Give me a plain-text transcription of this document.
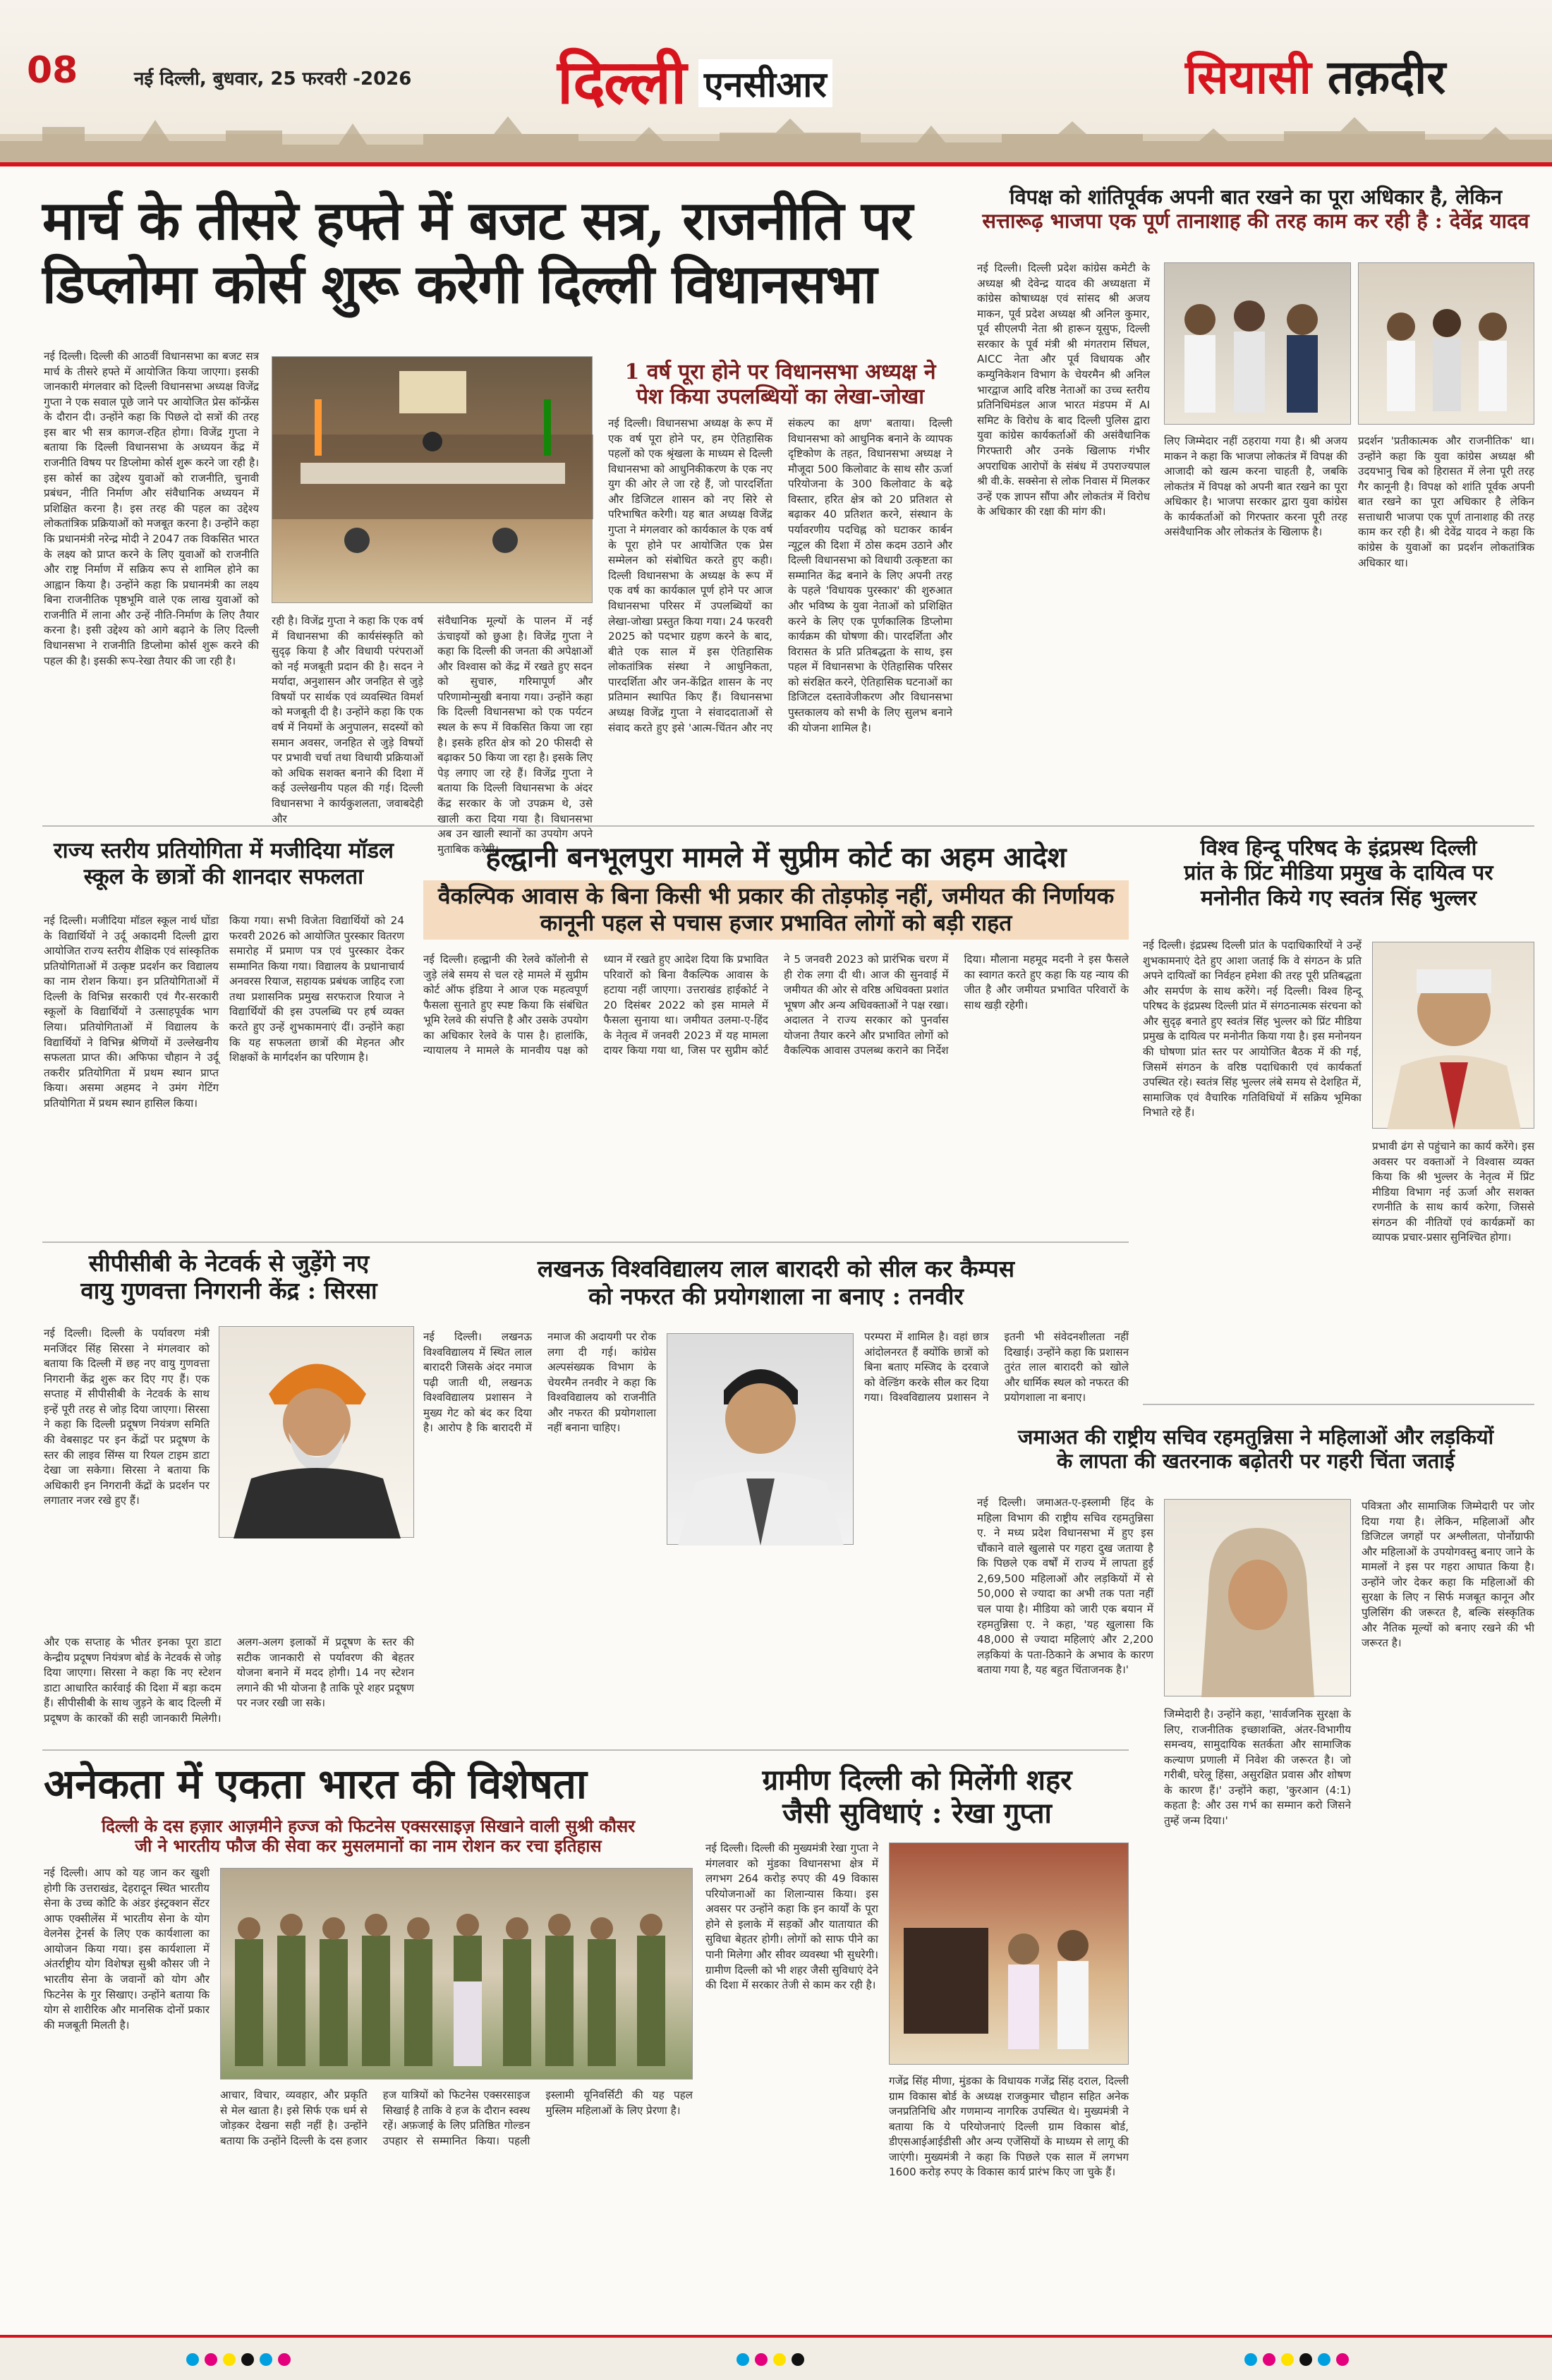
08	नई दिल्ली, बुधवार, 25 फरवरी -2026 दिल्ली एनसीआर	सियासी तक़दीर
मार्च के तीसरे हफ्ते में बजट सत्र, राजनीति पर
डिप्लोमा कोर्स शुरू करेगी दिल्ली विधानसभा
नई दिल्ली। दिल्ली की आठवीं विधानसभा का बजट सत्र मार्च के तीसरे हफ्ते में आयोजित किया जाएगा। इसकी जानकारी मंगलवार को दिल्ली विधानसभा अध्यक्ष विजेंद्र गुप्ता ने एक सवाल पूछे जाने पर आयोजित प्रेस कॉन्फ्रेंस के दौरान दी। उन्होंने कहा कि पिछले दो सत्रों की तरह इस बार भी सत्र कागज-रहित होगा। विजेंद्र गुप्ता ने बताया कि दिल्ली विधानसभा के अध्ययन केंद्र में राजनीति विषय पर डिप्लोमा कोर्स शुरू करने जा रही है। इस कोर्स का उद्देश्य युवाओं को राजनीति, चुनावी प्रबंधन, नीति निर्माण और संवैधानिक अध्ययन में प्रशिक्षित करना है। इस तरह की पहल का उद्देश्य लोकतांत्रिक प्रक्रियाओं को मजबूत करना है। उन्होंने कहा कि प्रधानमंत्री नरेन्द्र मोदी ने 2047 तक विकसित भारत के लक्ष्य को प्राप्त करने के लिए युवाओं को राजनीति और राष्ट्र निर्माण में सक्रिय रूप से शामिल होने का आह्वान किया है। उन्होंने कहा कि प्रधानमंत्री का लक्ष्य बिना राजनीतिक पृष्ठभूमि वाले एक लाख युवाओं को राजनीति में लाना और उन्हें नीति-निर्माण के लिए तैयार करना है। इसी उद्देश्य को आगे बढ़ाने के लिए दिल्ली विधानसभा ने राजनीति डिप्लोमा कोर्स शुरू करने की पहल की है। इसकी रूप-रेखा तैयार की जा रही है।
रही है। विजेंद्र गुप्ता ने कहा कि एक वर्ष में विधानसभा की कार्यसंस्कृति को सुदृढ़ किया है और विधायी परंपराओं को नई मजबूती प्रदान की है। सदन ने मर्यादा, अनुशासन और जनहित से जुड़े विषयों पर सार्थक एवं व्यवस्थित विमर्श को मजबूती दी है। उन्होंने कहा कि एक वर्ष में नियमों के अनुपालन, सदस्यों को समान अवसर, जनहित से जुड़े विषयों पर प्रभावी चर्चा तथा विधायी प्रक्रियाओं को अधिक सशक्त बनाने की दिशा में कई उल्लेखनीय पहल की गई। दिल्ली विधानसभा ने कार्यकुशलता, जवाबदेही और
संवैधानिक मूल्यों के पालन में नई ऊंचाइयों को छुआ है। विजेंद्र गुप्ता ने कहा कि दिल्ली की जनता की अपेक्षाओं और विश्वास को केंद्र में रखते हुए सदन को सुचारु, गरिमापूर्ण और परिणामोन्मुखी बनाया गया। उन्होंने कहा कि दिल्ली विधानसभा को एक पर्यटन स्थल के रूप में विकसित किया जा रहा है। इसके हरित क्षेत्र को 20 फीसदी से बढ़ाकर 50 किया जा रहा है। इसके लिए पेड़ लगाए जा रहे हैं। विजेंद्र गुप्ता ने बताया कि दिल्ली विधानसभा के अंदर केंद्र सरकार के जो उपक्रम थे, उसे खाली करा दिया गया है। विधानसभा अब उन खाली स्थानों का उपयोग अपने मुताबिक करेगी।
1 वर्ष पूरा होने पर विधानसभा अध्यक्ष ने पेश किया उपलब्धियों का लेखा-जोखा
नई दिल्ली। विधानसभा अध्यक्ष के रूप में एक वर्ष पूरा होने पर, हम ऐतिहासिक पहलों को एक श्रृंखला के माध्यम से दिल्ली विधानसभा को आधुनिकीकरण के एक नए युग की ओर ले जा रहे हैं, जो पारदर्शिता और डिजिटल शासन को नए सिरे से परिभाषित करेगी। यह बात अध्यक्ष विजेंद्र गुप्ता ने मंगलवार को कार्यकाल के एक वर्ष के पूरा होने पर आयोजित एक प्रेस सम्मेलन को संबोधित करते हुए कही। दिल्ली विधानसभा के अध्यक्ष के रूप में एक वर्ष का कार्यकाल पूर्ण होने पर आज विधानसभा परिसर में उपलब्धियों का लेखा-जोखा प्रस्तुत किया गया। 24 फरवरी 2025 को पदभार ग्रहण करने के बाद, बीते एक साल में इस ऐतिहासिक लोकतांत्रिक संस्था ने आधुनिकता, पारदर्शिता और जन-केंद्रित शासन के नए प्रतिमान स्थापित किए हैं। विधानसभा अध्यक्ष विजेंद्र गुप्ता ने संवाददाताओं से संवाद करते हुए इसे 'आत्म-चिंतन और नए संकल्प का क्षण' बताया। दिल्ली विधानसभा को आधुनिक बनाने के व्यापक दृष्टिकोण के तहत, विधानसभा अध्यक्ष ने मौजूदा 500 किलोवाट के साथ सौर ऊर्जा परियोजना के 300 किलोवाट के बढ़े विस्तार, हरित क्षेत्र को 20 प्रतिशत से बढ़ाकर 40 प्रतिशत करने, संस्थान के पर्यावरणीय पदचिह्न को घटाकर कार्बन न्यूट्रल की दिशा में ठोस कदम उठाने और दिल्ली विधानसभा को विधायी उत्कृष्टता का सम्मानित केंद्र बनाने के लिए अपनी तरह के पहले 'विधायक पुरस्कार' की शुरुआत और भविष्य के युवा नेताओं को प्रशिक्षित करने के लिए एक पूर्णकालिक डिप्लोमा कार्यक्रम की घोषणा की। पारदर्शिता और विरासत के प्रति प्रतिबद्धता के साथ, इस पहल में विधानसभा के ऐतिहासिक परिसर को संरक्षित करने, ऐतिहासिक घटनाओं का डिजिटल दस्तावेजीकरण और विधानसभा पुस्तकालय को सभी के लिए सुलभ बनाने की योजना शामिल है।
विपक्ष को शांतिपूर्वक अपनी बात रखने का पूरा अधिकार है, लेकिन
सत्तारूढ़ भाजपा एक पूर्ण तानाशाह की तरह काम कर रही है : देवेंद्र यादव
नई दिल्ली। दिल्ली प्रदेश कांग्रेस कमेटी के अध्यक्ष श्री देवेन्द्र यादव की अध्यक्षता में कांग्रेस कोषाध्यक्ष एवं सांसद श्री अजय माकन, पूर्व प्रदेश अध्यक्ष श्री अनिल कुमार, पूर्व सीएलपी नेता श्री हारून यूसुफ, दिल्ली सरकार के पूर्व मंत्री श्री मंगतराम सिंघल, AICC नेता और पूर्व विधायक और कम्युनिकेशन विभाग के चेयरमैन श्री अनिल भारद्वाज आदि वरिष्ठ नेताओं का उच्च स्तरीय प्रतिनिधिमंडल आज भारत मंडपम में AI समिट के विरोध के बाद दिल्ली पुलिस द्वारा युवा कांग्रेस कार्यकर्ताओं की असंवैधानिक गिरफ्तारी और उनके खिलाफ गंभीर अपराधिक आरोपों के संबंध में उपराज्यपाल श्री वी.के. सक्सेना से लोक निवास में मिलकर उन्हें एक ज्ञापन सौंपा और लोकतंत्र में विरोध के अधिकार की रक्षा की मांग की।
लिए जिम्मेदार नहीं ठहराया गया है। श्री अजय माकन ने कहा कि भाजपा लोकतंत्र में विपक्ष की आजादी को खत्म करना चाहती है, जबकि लोकतंत्र में विपक्ष को अपनी बात रखने का पूरा अधिकार है। भाजपा सरकार द्वारा युवा कांग्रेस के कार्यकर्ताओं को गिरफ्तार करना पूरी तरह असंवैधानिक और लोकतंत्र के खिलाफ है।
प्रदर्शन 'प्रतीकात्मक और राजनीतिक' था। उन्होंने कहा कि युवा कांग्रेस अध्यक्ष श्री उदयभानु चिब को हिरासत में लेना पूरी तरह गैर कानूनी है। विपक्ष को शांति पूर्वक अपनी बात रखने का पूरा अधिकार है लेकिन सत्ताधारी भाजपा एक पूर्ण तानाशाह की तरह काम कर रही है। श्री देवेंद्र यादव ने कहा कि कांग्रेस के युवाओं का प्रदर्शन लोकतांत्रिक अधिकार था।
राज्य स्तरीय प्रतियोगिता में मजीदिया मॉडल
स्कूल के छात्रों की शानदार सफलता
नई दिल्ली। मजीदिया मॉडल स्कूल नार्थ घोंडा के विद्यार्थियों ने उर्दू अकादमी दिल्ली द्वारा आयोजित राज्य स्तरीय शैक्षिक एवं सांस्कृतिक प्रतियोगिताओं में उत्कृष्ट प्रदर्शन कर विद्यालय का नाम रोशन किया। इन प्रतियोगिताओं में दिल्ली के विभिन्न सरकारी एवं गैर-सरकारी स्कूलों के विद्यार्थियों ने उत्साहपूर्वक भाग लिया। प्रतियोगिताओं में विद्यालय के विद्यार्थियों ने विभिन्न श्रेणियों में उल्लेखनीय सफलता प्राप्त की। अफिफा चौहान ने उर्दू तकरीर प्रतियोगिता में प्रथम स्थान प्राप्त किया। असमा अहमद ने उमंग गेटिंग प्रतियोगिता में प्रथम स्थान हासिल किया।
किया गया। सभी विजेता विद्यार्थियों को 24 फरवरी 2026 को आयोजित पुरस्कार वितरण समारोह में प्रमाण पत्र एवं पुरस्कार देकर सम्मानित किया गया। विद्यालय के प्रधानाचार्य अनवरस रियाज, सहायक प्रबंधक जाहिद रजा तथा प्रशासनिक प्रमुख सरफराज रियाज ने विद्यार्थियों की इस उपलब्धि पर हर्ष व्यक्त करते हुए उन्हें शुभकामनाएं दीं। उन्होंने कहा कि यह सफलता छात्रों की मेहनत और शिक्षकों के मार्गदर्शन का परिणाम है।
हल्द्वानी बनभूलपुरा मामले में सुप्रीम कोर्ट का अहम आदेश
वैकल्पिक आवास के बिना किसी भी प्रकार की तोड़फोड़ नहीं, जमीयत की निर्णायक
कानूनी पहल से पचास हजार प्रभावित लोगों को बड़ी राहत
नई दिल्ली। हल्द्वानी की रेलवे कॉलोनी से जुड़े लंबे समय से चल रहे मामले में सुप्रीम कोर्ट ऑफ इंडिया ने आज एक महत्वपूर्ण फैसला सुनाते हुए स्पष्ट किया कि संबंधित भूमि रेलवे की संपत्ति है और उसके उपयोग का अधिकार रेलवे के पास है। हालांकि, न्यायालय ने मामले के मानवीय पक्ष को ध्यान में रखते हुए आदेश दिया कि प्रभावित परिवारों को बिना वैकल्पिक आवास के हटाया नहीं जाएगा। उत्तराखंड हाईकोर्ट ने 20 दिसंबर 2022 को इस मामले में फैसला सुनाया था। जमीयत उलमा-ए-हिंद के नेतृत्व में जनवरी 2023 में यह मामला दायर किया गया था, जिस पर सुप्रीम कोर्ट ने 5 जनवरी 2023 को प्रारंभिक चरण में ही रोक लगा दी थी। आज की सुनवाई में जमीयत की ओर से वरिष्ठ अधिवक्ता प्रशांत भूषण और अन्य अधिवक्ताओं ने पक्ष रखा। अदालत ने राज्य सरकार को पुनर्वास योजना तैयार करने और प्रभावित लोगों को वैकल्पिक आवास उपलब्ध कराने का निर्देश दिया। मौलाना महमूद मदनी ने इस फैसले का स्वागत करते हुए कहा कि यह न्याय की जीत है और जमीयत प्रभावित परिवारों के साथ खड़ी रहेगी।
विश्व हिन्दू परिषद के इंद्रप्रस्थ दिल्ली
प्रांत के प्रिंट मीडिया प्रमुख के दायित्व पर
मनोनीत किये गए स्वतंत्र सिंह भुल्लर
नई दिल्ली। इंद्रप्रस्थ दिल्ली प्रांत के पदाधिकारियों ने उन्हें शुभकामनाएं देते हुए आशा जताई कि वे संगठन के प्रति अपने दायित्वों का निर्वहन हमेशा की तरह पूरी प्रतिबद्धता और समर्पण के साथ करेंगे। नई दिल्ली। विश्व हिन्दू परिषद के इंद्रप्रस्थ दिल्ली प्रांत में संगठनात्मक संरचना को और सुदृढ़ बनाते हुए स्वतंत्र सिंह भुल्लर को प्रिंट मीडिया प्रमुख के दायित्व पर मनोनीत किया गया है। इस मनोनयन की घोषणा प्रांत स्तर पर आयोजित बैठक में की गई, जिसमें संगठन के वरिष्ठ पदाधिकारी एवं कार्यकर्ता उपस्थित रहे। स्वतंत्र सिंह भुल्लर लंबे समय से देशहित में, सामाजिक एवं वैचारिक गतिविधियों में सक्रिय भूमिका निभाते रहे हैं।
प्रभावी ढंग से पहुंचाने का कार्य करेंगे। इस अवसर पर वक्ताओं ने विश्वास व्यक्त किया कि श्री भुल्लर के नेतृत्व में प्रिंट मीडिया विभाग नई ऊर्जा और सशक्त रणनीति के साथ कार्य करेगा, जिससे संगठन की नीतियों एवं कार्यक्रमों का व्यापक प्रचार-प्रसार सुनिश्चित होगा।
सीपीसीबी के नेटवर्क से जुड़ेंगे नए
वायु गुणवत्ता निगरानी केंद्र : सिरसा
नई दिल्ली। दिल्ली के पर्यावरण मंत्री मनजिंदर सिंह सिरसा ने मंगलवार को बताया कि दिल्ली में छह नए वायु गुणवत्ता निगरानी केंद्र शुरू कर दिए गए हैं। एक सप्ताह में सीपीसीबी के नेटवर्क के साथ इन्हें पूरी तरह से जोड़ दिया जाएगा। सिरसा ने कहा कि दिल्ली प्रदूषण नियंत्रण समिति की वेबसाइट पर इन केंद्रों पर प्रदूषण के स्तर की लाइव सिंग्स या रियल टाइम डाटा देखा जा सकेगा। सिरसा ने बताया कि अधिकारी इन निगरानी केंद्रों के प्रदर्शन पर लगातार नजर रखे हुए हैं।
और एक सप्ताह के भीतर इनका पूरा डाटा केन्द्रीय प्रदूषण नियंत्रण बोर्ड के नेटवर्क से जोड़ दिया जाएगा। सिरसा ने कहा कि नए स्टेशन डाटा आधारित कार्रवाई की दिशा में बड़ा कदम हैं। सीपीसीबी के साथ जुड़ने के बाद दिल्ली में प्रदूषण के कारकों की सही जानकारी मिलेगी। अलग-अलग इलाकों में प्रदूषण के स्तर की सटीक जानकारी से पर्यावरण की बेहतर योजना बनाने में मदद होगी। 14 नए स्टेशन लगाने की भी योजना है ताकि पूरे शहर प्रदूषण पर नजर रखी जा सके।
लखनऊ विश्वविद्यालय लाल बारादरी को सील कर कैम्पस
को नफरत की प्रयोगशाला ना बनाए : तनवीर
नई दिल्ली। लखनऊ विश्वविद्यालय में स्थित लाल बारादरी जिसके अंदर नमाज पढ़ी जाती थी, लखनऊ विश्वविद्यालय प्रशासन ने मुख्य गेट को बंद कर दिया है। आरोप है कि बारादरी में नमाज की अदायगी पर रोक लगा दी गई। कांग्रेस अल्पसंख्यक विभाग के चेयरमैन तनवीर ने कहा कि विश्वविद्यालय को राजनीति और नफरत की प्रयोगशाला नहीं बनाना चाहिए।
परम्परा में शामिल है। वहां छात्र आंदोलनरत हैं क्योंकि छात्रों को बिना बताए मस्जिद के दरवाजे को वेल्डिंग करके सील कर दिया गया। विश्वविद्यालय प्रशासन ने इतनी भी संवेदनशीलता नहीं दिखाई। उन्होंने कहा कि प्रशासन तुरंत लाल बारादरी को खोले और धार्मिक स्थल को नफरत की प्रयोगशाला ना बनाए।
जमाअत की राष्ट्रीय सचिव रहमतुन्निसा ने महिलाओं और लड़कियों
के लापता की खतरनाक बढ़ोतरी पर गहरी चिंता जताई
नई दिल्ली। जमाअत-ए-इस्लामी हिंद के महिला विभाग की राष्ट्रीय सचिव रहमतुन्निसा ए. ने मध्य प्रदेश विधानसभा में हुए इस चौंकाने वाले खुलासे पर गहरा दुख जताया है कि पिछले एक वर्षों में राज्य में लापता हुई 2,69,500 महिलाओं और लड़कियों में से 50,000 से ज्यादा का अभी तक पता नहीं चल पाया है। मीडिया को जारी एक बयान में रहमतुन्निसा ए. ने कहा, 'यह खुलासा कि 48,000 से ज्यादा महिलाएं और 2,200 लड़कियां के पता-ठिकाने के अभाव के कारण बताया गया है, यह बहुत चिंताजनक है।'
जिम्मेदारी है। उन्होंने कहा, 'सार्वजनिक सुरक्षा के लिए, राजनीतिक इच्छाशक्ति, अंतर-विभागीय समन्वय, सामुदायिक सतर्कता और सामाजिक कल्याण प्रणाली में निवेश की जरूरत है। जो गरीबी, घरेलू हिंसा, असुरक्षित प्रवास और शोषण के कारण हैं।' उन्होंने कहा, 'कुरआन (4:1) कहता है: और उस गर्भ का सम्मान करो जिसने तुम्हें जन्म दिया।'
पवित्रता और सामाजिक जिम्मेदारी पर जोर दिया गया है। लेकिन, महिलाओं और डिजिटल जगहों पर अश्लीलता, पोर्नोग्राफी और महिलाओं के उपयोगवस्तु बनाए जाने के मामलों ने इस पर गहरा आघात किया है। उन्होंने जोर देकर कहा कि महिलाओं की सुरक्षा के लिए न सिर्फ मजबूत कानून और पुलिसिंग की जरूरत है, बल्कि संस्कृतिक और नैतिक मूल्यों को बनाए रखने की भी जरूरत है।
अनेकता में एकता भारत की विशेषता
दिल्ली के दस हज़ार आज़मीने हज्ज को फिटनेस एक्सरसाइज़ सिखाने वाली सुश्री कौसर
जी ने भारतीय फौज की सेवा कर मुसलमानों का नाम रोशन कर रचा इतिहास
नई दिल्ली। आप को यह जान कर खुशी होगी कि उत्तराखंड, देहरादून स्थित भारतीय सेना के उच्च कोटि के अंडर इंस्ट्रक्शन सेंटर आफ एक्सीलेंस में भारतीय सेना के योग वेलनेस ट्रेनर्स के लिए एक कार्यशाला का आयोजन किया गया। इस कार्यशाला में अंतर्राष्ट्रीय योग विशेषज्ञ सुश्री कौसर जी ने भारतीय सेना के जवानों को योग और फिटनेस के गुर सिखाए। उन्होंने बताया कि योग से शारीरिक और मानसिक दोनों प्रकार की मजबूती मिलती है।
आचार, विचार, व्यवहार, और प्रकृति से मेल खाता है। इसे सिर्फ एक धर्म से जोड़कर देखना सही नहीं है। उन्होंने बताया कि उन्होंने दिल्ली के दस हजार हज यात्रियों को फिटनेस एक्सरसाइज सिखाई है ताकि वे हज के दौरान स्वस्थ रहें। अफ़जाई के लिए प्रतिष्ठित गोल्डन उपहार से सम्मानित किया। पहली इस्लामी यूनिवर्सिटी की यह पहल मुस्लिम महिलाओं के लिए प्रेरणा है।
ग्रामीण दिल्ली को मिलेंगी शहर
जैसी सुविधाएं : रेखा गुप्ता
नई दिल्ली। दिल्ली की मुख्यमंत्री रेखा गुप्ता ने मंगलवार को मुंडका विधानसभा क्षेत्र में लगभग 264 करोड़ रुपए की 49 विकास परियोजनाओं का शिलान्यास किया। इस अवसर पर उन्होंने कहा कि इन कार्यों के पूरा होने से इलाके में सड़कों और यातायात की सुविधा बेहतर होगी। लोगों को साफ पीने का पानी मिलेगा और सीवर व्यवस्था भी सुधरेगी। ग्रामीण दिल्ली को भी शहर जैसी सुविधाएं देने की दिशा में सरकार तेजी से काम कर रही है।
गजेंद्र सिंह मीणा, मुंडका के विधायक गजेंद्र सिंह दराल, दिल्ली ग्राम विकास बोर्ड के अध्यक्ष राजकुमार चौहान सहित अनेक जनप्रतिनिधि और गणमान्य नागरिक उपस्थित थे। मुख्यमंत्री ने बताया कि ये परियोजनाएं दिल्ली ग्राम विकास बोर्ड, डीएसआईआईडीसी और अन्य एजेंसियों के माध्यम से लागू की जाएंगी। मुख्यमंत्री ने कहा कि पिछले एक साल में लगभग 1600 करोड़ रुपए के विकास कार्य प्रारंभ किए जा चुके हैं।
